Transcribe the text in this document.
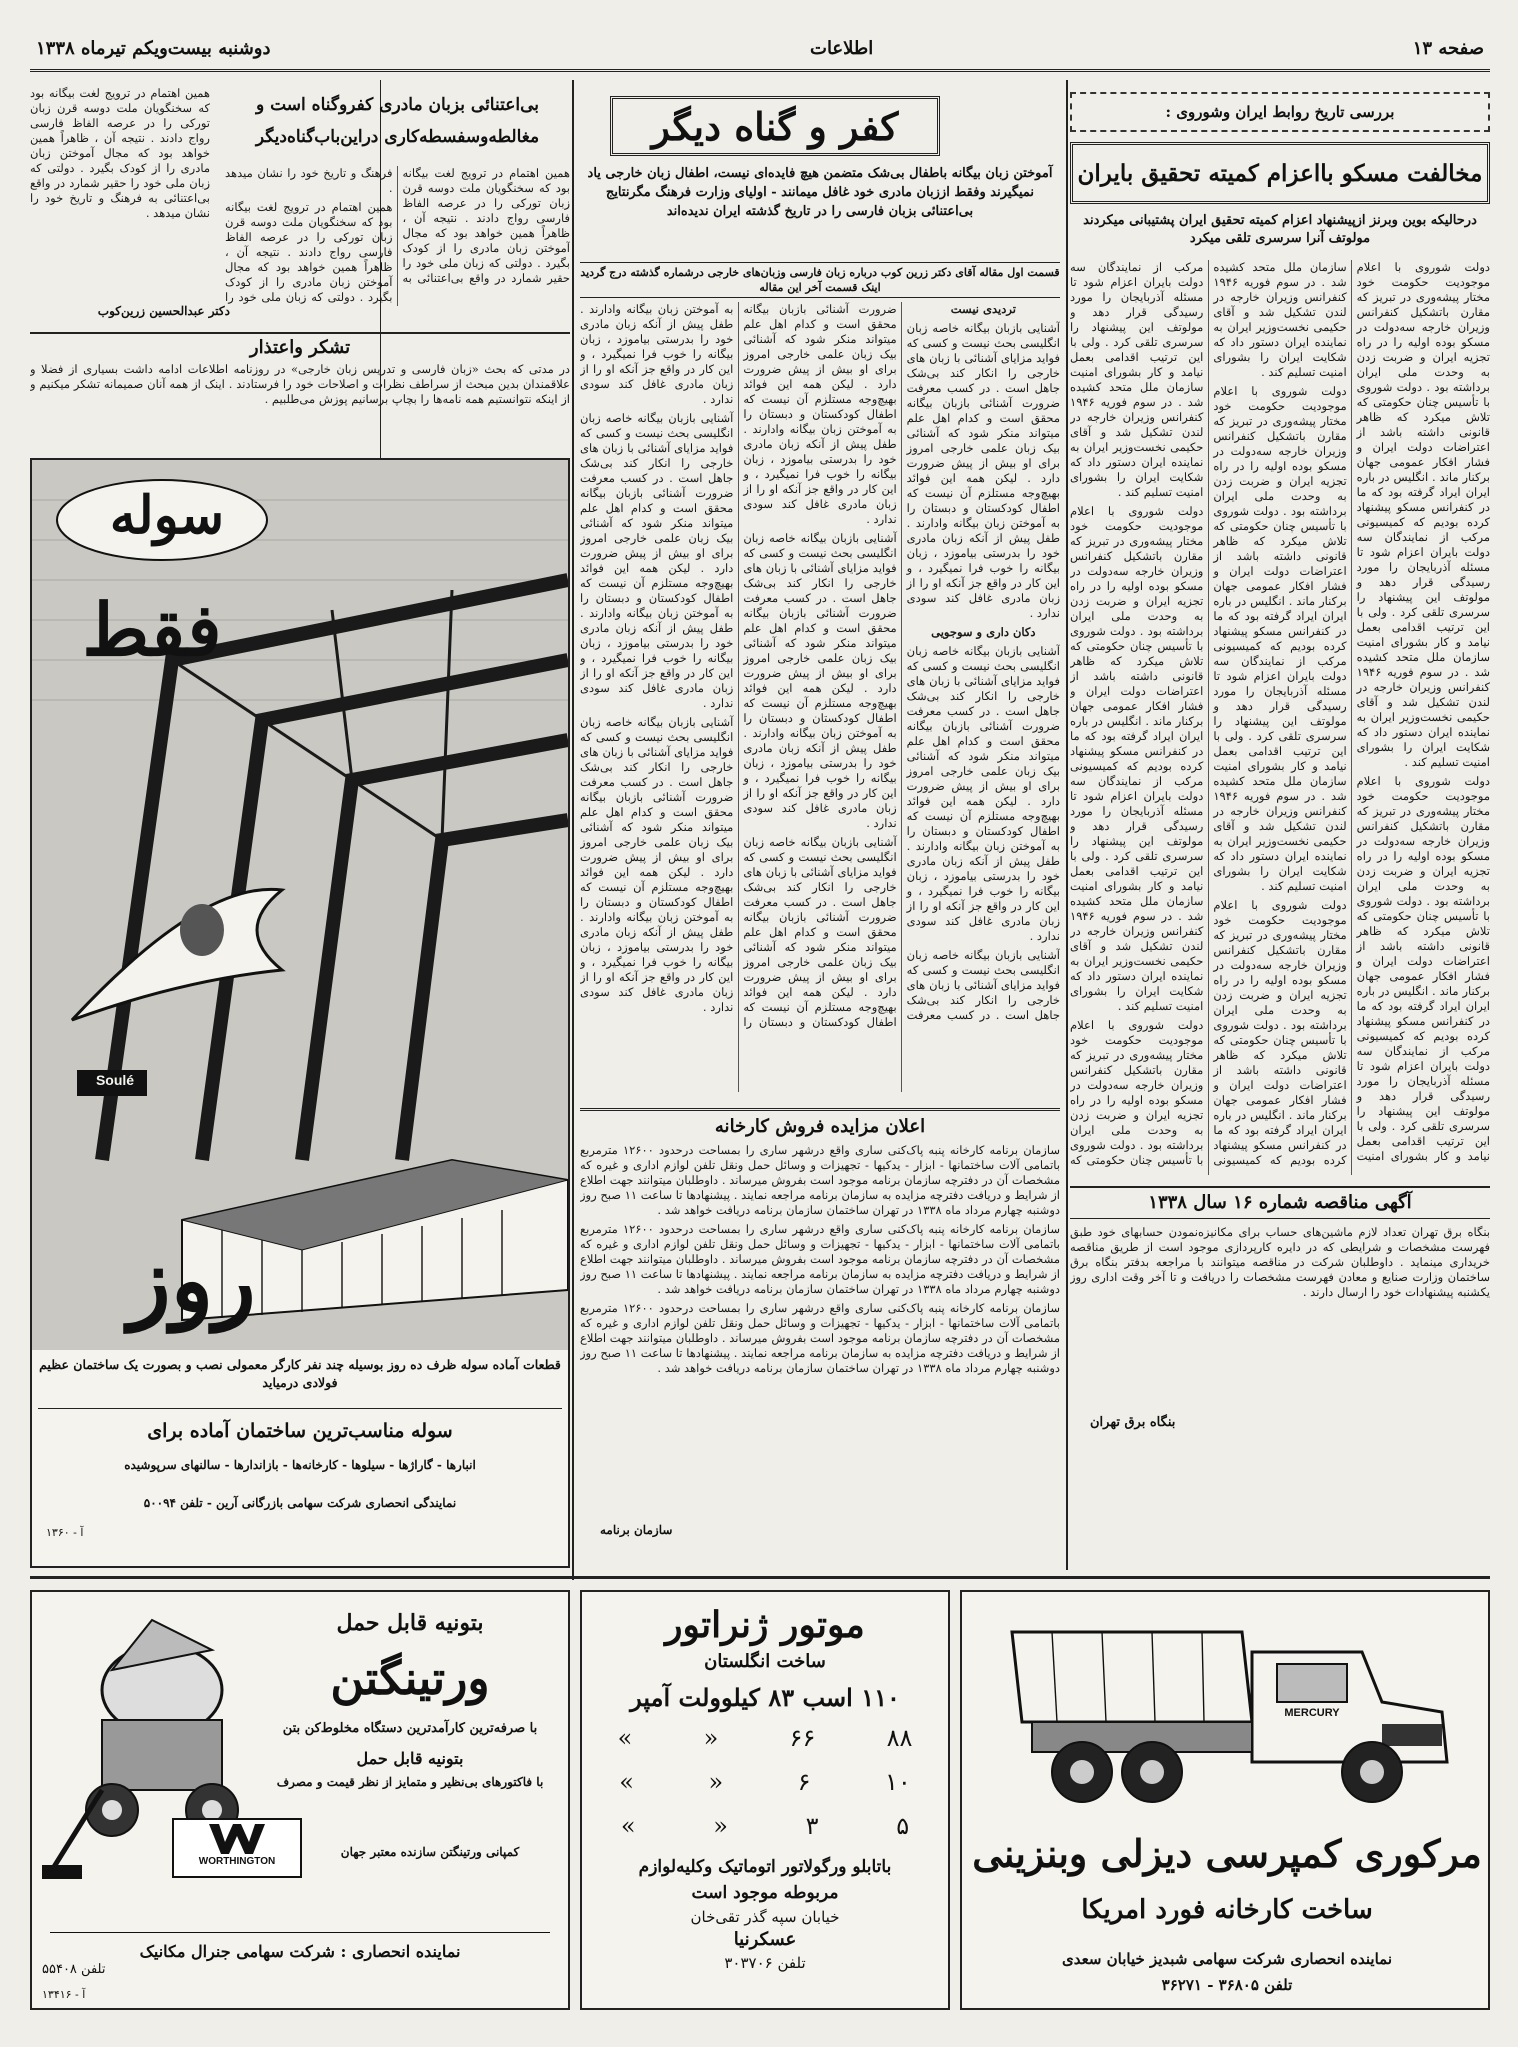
صفحه ۱۳
اطلاعات
دوشنبه بیست‌ویکم تیرماه ۱۳۳۸
بررسی تاریخ روابط ایران وشوروی :
مخالفت مسکو بااعزام کمیته تحقیق بایران
درحالیکه بوین وبرنز ازپیشنهاد اعزام کمیته تحقیق ایران پشتیبانی میکردند مولوتف آنرا سرسری تلقی میکرد

دولت شوروی با اعلام موجودیت حکومت خود مختار پیشه‌وری در تبریز که مقارن باتشکیل کنفرانس وزیران خارجه سه‌دولت در مسکو بوده اولیه را در راه تجزیه ایران و ضربت زدن به وحدت ملی ایران برداشته بود . دولت شوروی با تأسیس چنان حکومتی که تلاش میکرد که ظاهر قانونی داشته باشد از اعتراضات دولت ایران و فشار افکار عمومی جهان برکنار ماند . انگلیس در باره ایران ایراد گرفته بود که ما در کنفرانس مسکو پیشنهاد کرده بودیم که کمیسیونی مرکب از نمایندگان سه دولت بایران اعزام شود تا مسئله آذربایجان را مورد رسیدگی قرار دهد و مولوتف این پیشنهاد را سرسری تلقی کرد . ولی با این ترتیب اقدامی بعمل نیامد و کار بشورای امنیت سازمان ملل متحد کشیده شد . در سوم فوریه ۱۹۴۶ کنفرانس وزیران خارجه در لندن تشکیل شد و آقای حکیمی نخست‌وزیر ایران به نماینده ایران دستور داد که شکایت ایران را بشورای امنیت تسلیم کند .

دولت شوروی با اعلام موجودیت حکومت خود مختار پیشه‌وری در تبریز که مقارن باتشکیل کنفرانس وزیران خارجه سه‌دولت در مسکو بوده اولیه را در راه تجزیه ایران و ضربت زدن به وحدت ملی ایران برداشته بود . دولت شوروی با تأسیس چنان حکومتی که تلاش میکرد که ظاهر قانونی داشته باشد از اعتراضات دولت ایران و فشار افکار عمومی جهان برکنار ماند . انگلیس در باره ایران ایراد گرفته بود که ما در کنفرانس مسکو پیشنهاد کرده بودیم که کمیسیونی مرکب از نمایندگان سه دولت بایران اعزام شود تا مسئله آذربایجان را مورد رسیدگی قرار دهد و مولوتف این پیشنهاد را سرسری تلقی کرد . ولی با این ترتیب اقدامی بعمل نیامد و کار بشورای امنیت سازمان ملل متحد کشیده شد . در سوم فوریه ۱۹۴۶ کنفرانس وزیران خارجه در لندن تشکیل شد و آقای حکیمی نخست‌وزیر ایران به نماینده ایران دستور داد که شکایت ایران را بشورای امنیت تسلیم کند .

دولت شوروی با اعلام موجودیت حکومت خود مختار پیشه‌وری در تبریز که مقارن باتشکیل کنفرانس وزیران خارجه سه‌دولت در مسکو بوده اولیه را در راه تجزیه ایران و ضربت زدن به وحدت ملی ایران برداشته بود . دولت شوروی با تأسیس چنان حکومتی که تلاش میکرد که ظاهر قانونی داشته باشد از اعتراضات دولت ایران و فشار افکار عمومی جهان برکنار ماند . انگلیس در باره ایران ایراد گرفته بود که ما در کنفرانس مسکو پیشنهاد کرده بودیم که کمیسیونی مرکب از نمایندگان سه دولت بایران اعزام شود تا مسئله آذربایجان را مورد رسیدگی قرار دهد و مولوتف این پیشنهاد را سرسری تلقی کرد . ولی با این ترتیب اقدامی بعمل نیامد و کار بشورای امنیت سازمان ملل متحد کشیده شد . در سوم فوریه ۱۹۴۶ کنفرانس وزیران خارجه در لندن تشکیل شد و آقای حکیمی نخست‌وزیر ایران به نماینده ایران دستور داد که شکایت ایران را بشورای امنیت تسلیم کند .

دولت شوروی با اعلام موجودیت حکومت خود مختار پیشه‌وری در تبریز که مقارن باتشکیل کنفرانس وزیران خارجه سه‌دولت در مسکو بوده اولیه را در راه تجزیه ایران و ضربت زدن به وحدت ملی ایران برداشته بود . دولت شوروی با تأسیس چنان حکومتی که تلاش میکرد که ظاهر قانونی داشته باشد از اعتراضات دولت ایران و فشار افکار عمومی جهان برکنار ماند . انگلیس در باره ایران ایراد گرفته بود که ما در کنفرانس مسکو پیشنهاد کرده بودیم که کمیسیونی مرکب از نمایندگان سه دولت بایران اعزام شود تا مسئله آذربایجان را مورد رسیدگی قرار دهد و مولوتف این پیشنهاد را سرسری تلقی کرد . ولی با این ترتیب اقدامی بعمل نیامد و کار بشورای امنیت سازمان ملل متحد کشیده شد . در سوم فوریه ۱۹۴۶ کنفرانس وزیران خارجه در لندن تشکیل شد و آقای حکیمی نخست‌وزیر ایران به نماینده ایران دستور داد که شکایت ایران را بشورای امنیت تسلیم کند .

دولت شوروی با اعلام موجودیت حکومت خود مختار پیشه‌وری در تبریز که مقارن باتشکیل کنفرانس وزیران خارجه سه‌دولت در مسکو بوده اولیه را در راه تجزیه ایران و ضربت زدن به وحدت ملی ایران برداشته بود . دولت شوروی با تأسیس چنان حکومتی که تلاش میکرد که ظاهر قانونی داشته باشد از اعتراضات دولت ایران و فشار افکار عمومی جهان برکنار ماند . انگلیس در باره ایران ایراد گرفته بود که ما در کنفرانس مسکو پیشنهاد کرده بودیم که کمیسیونی مرکب از نمایندگان سه دولت بایران اعزام شود تا مسئله آذربایجان را مورد رسیدگی قرار دهد و مولوتف این پیشنهاد را سرسری تلقی کرد . ولی با این ترتیب اقدامی بعمل نیامد و کار بشورای امنیت سازمان ملل متحد کشیده شد . در سوم فوریه ۱۹۴۶ کنفرانس وزیران خارجه در لندن تشکیل شد و آقای حکیمی نخست‌وزیر ایران به نماینده ایران دستور داد که شکایت ایران را بشورای امنیت تسلیم کند .

دولت شوروی با اعلام موجودیت حکومت خود مختار پیشه‌وری در تبریز که مقارن باتشکیل کنفرانس وزیران خارجه سه‌دولت در مسکو بوده اولیه را در راه تجزیه ایران و ضربت زدن به وحدت ملی ایران برداشته بود . دولت شوروی با تأسیس چنان حکومتی که

آگهی مناقصه شماره ۱۶ سال ۱۳۳۸
بنگاه برق تهران تعداد لازم ماشین‌های حساب برای مکانیزه‌نمودن حسابهای خود طبق فهرست مشخصات و شرایطی که در دایره کارپردازی موجود است از طریق مناقصه خریداری مینماید . داوطلبان شرکت در مناقصه میتوانند با مراجعه بدفتر بنگاه برق ساختمان وزارت صنایع و معادن فهرست مشخصات را دریافت و تا آخر وقت اداری روز یکشنبه پیشنهادات خود را ارسال دارند .
بنگاه برق تهران
کفر و گناه دیگر
آموختن زبان بیگانه باطفال بی‌شک متضمن هیچ فایده‌ای نیست، اطفال زبان خارجی یاد نمیگیرند وفقط اززبان مادری خود غافل میمانند - اولیای وزارت فرهنگ مگرنتایج بی‌اعتنائی بزبان فارسی را در تاریخ گذشته ایران ندیده‌اند
قسمت اول مقاله آقای دکتر زرین کوب درباره زبان فارسی وزبان‌های خارجی درشماره گذشته درج گردید اینک قسمت آخر این مقاله

تردیدی نیست

آشنایی بازبان بیگانه خاصه زبان انگلیسی بحث نیست و کسی که فواید مزایای آشنائی با زبان های خارجی را انکار کند بی‌شک جاهل است . در کسب معرفت ضرورت آشنائی بازبان بیگانه محقق است و کدام اهل علم میتواند منکر شود که آشنائی بیک زبان علمی خارجی امروز برای او بیش از پیش ضرورت دارد . لیکن همه این فوائد بهیچ‌وجه مستلزم آن نیست که اطفال کودکستان و دبستان را به آموختن زبان بیگانه وادارند . طفل پیش از آنکه زبان مادری خود را بدرستی بیاموزد ، زبان بیگانه را خوب فرا نمیگیرد ، و این کار در واقع جز آنکه او را از زبان مادری غافل کند سودی ندارد .

دکان داری و سوجویی

آشنایی بازبان بیگانه خاصه زبان انگلیسی بحث نیست و کسی که فواید مزایای آشنائی با زبان های خارجی را انکار کند بی‌شک جاهل است . در کسب معرفت ضرورت آشنائی بازبان بیگانه محقق است و کدام اهل علم میتواند منکر شود که آشنائی بیک زبان علمی خارجی امروز برای او بیش از پیش ضرورت دارد . لیکن همه این فوائد بهیچ‌وجه مستلزم آن نیست که اطفال کودکستان و دبستان را به آموختن زبان بیگانه وادارند . طفل پیش از آنکه زبان مادری خود را بدرستی بیاموزد ، زبان بیگانه را خوب فرا نمیگیرد ، و این کار در واقع جز آنکه او را از زبان مادری غافل کند سودی ندارد .

آشنایی بازبان بیگانه خاصه زبان انگلیسی بحث نیست و کسی که فواید مزایای آشنائی با زبان های خارجی را انکار کند بی‌شک جاهل است . در کسب معرفت ضرورت آشنائی بازبان بیگانه محقق است و کدام اهل علم میتواند منکر شود که آشنائی بیک زبان علمی خارجی امروز برای او بیش از پیش ضرورت دارد . لیکن همه این فوائد بهیچ‌وجه مستلزم آن نیست که اطفال کودکستان و دبستان را به آموختن زبان بیگانه وادارند . طفل پیش از آنکه زبان مادری خود را بدرستی بیاموزد ، زبان بیگانه را خوب فرا نمیگیرد ، و این کار در واقع جز آنکه او را از زبان مادری غافل کند سودی ندارد .

آشنایی بازبان بیگانه خاصه زبان انگلیسی بحث نیست و کسی که فواید مزایای آشنائی با زبان های خارجی را انکار کند بی‌شک جاهل است . در کسب معرفت ضرورت آشنائی بازبان بیگانه محقق است و کدام اهل علم میتواند منکر شود که آشنائی بیک زبان علمی خارجی امروز برای او بیش از پیش ضرورت دارد . لیکن همه این فوائد بهیچ‌وجه مستلزم آن نیست که اطفال کودکستان و دبستان را به آموختن زبان بیگانه وادارند . طفل پیش از آنکه زبان مادری خود را بدرستی بیاموزد ، زبان بیگانه را خوب فرا نمیگیرد ، و این کار در واقع جز آنکه او را از زبان مادری غافل کند سودی ندارد .

آشنایی بازبان بیگانه خاصه زبان انگلیسی بحث نیست و کسی که فواید مزایای آشنائی با زبان های خارجی را انکار کند بی‌شک جاهل است . در کسب معرفت ضرورت آشنائی بازبان بیگانه محقق است و کدام اهل علم میتواند منکر شود که آشنائی بیک زبان علمی خارجی امروز برای او بیش از پیش ضرورت دارد . لیکن همه این فوائد بهیچ‌وجه مستلزم آن نیست که اطفال کودکستان و دبستان را به آموختن زبان بیگانه وادارند . طفل پیش از آنکه زبان مادری خود را بدرستی بیاموزد ، زبان بیگانه را خوب فرا نمیگیرد ، و این کار در واقع جز آنکه او را از زبان مادری غافل کند سودی ندارد .

آشنایی بازبان بیگانه خاصه زبان انگلیسی بحث نیست و کسی که فواید مزایای آشنائی با زبان های خارجی را انکار کند بی‌شک جاهل است . در کسب معرفت ضرورت آشنائی بازبان بیگانه محقق است و کدام اهل علم میتواند منکر شود که آشنائی بیک زبان علمی خارجی امروز برای او بیش از پیش ضرورت دارد . لیکن همه این فوائد بهیچ‌وجه مستلزم آن نیست که اطفال کودکستان و دبستان را به آموختن زبان بیگانه وادارند . طفل پیش از آنکه زبان مادری خود را بدرستی بیاموزد ، زبان بیگانه را خوب فرا نمیگیرد ، و این کار در واقع جز آنکه او را از زبان مادری غافل کند سودی ندارد .

آشنایی بازبان بیگانه خاصه زبان انگلیسی بحث نیست و کسی که فواید مزایای آشنائی با زبان های خارجی را انکار کند بی‌شک جاهل است . در کسب معرفت ضرورت آشنائی بازبان بیگانه محقق است و کدام اهل علم میتواند منکر شود که آشنائی بیک زبان علمی خارجی امروز برای او بیش از پیش ضرورت دارد . لیکن همه این فوائد بهیچ‌وجه مستلزم آن نیست که اطفال کودکستان و دبستان را به آموختن زبان بیگانه وادارند . طفل پیش از آنکه زبان مادری خود را بدرستی بیاموزد ، زبان بیگانه را خوب فرا نمیگیرد ، و این کار در واقع جز آنکه او را از زبان مادری غافل کند سودی ندارد .

اعلان مزایده فروش کارخانه

سازمان برنامه کارخانه پنبه پاک‌کنی ساری واقع درشهر ساری را بمساحت درحدود ۱۲۶۰۰ مترمربع باتمامی آلات ساختمانها - ابزار - یدکیها - تجهیزات و وسائل حمل ونقل تلفن لوازم اداری و غیره که مشخصات آن در دفترچه سازمان برنامه موجود است بفروش میرساند . داوطلبان میتوانند جهت اطلاع از شرایط و دریافت دفترچه مزایده به سازمان برنامه مراجعه نمایند . پیشنهادها تا ساعت ۱۱ صبح روز دوشنبه چهارم مرداد ماه ۱۳۳۸ در تهران ساختمان سازمان برنامه دریافت خواهد شد .

سازمان برنامه کارخانه پنبه پاک‌کنی ساری واقع درشهر ساری را بمساحت درحدود ۱۲۶۰۰ مترمربع باتمامی آلات ساختمانها - ابزار - یدکیها - تجهیزات و وسائل حمل ونقل تلفن لوازم اداری و غیره که مشخصات آن در دفترچه سازمان برنامه موجود است بفروش میرساند . داوطلبان میتوانند جهت اطلاع از شرایط و دریافت دفترچه مزایده به سازمان برنامه مراجعه نمایند . پیشنهادها تا ساعت ۱۱ صبح روز دوشنبه چهارم مرداد ماه ۱۳۳۸ در تهران ساختمان سازمان برنامه دریافت خواهد شد .

سازمان برنامه کارخانه پنبه پاک‌کنی ساری واقع درشهر ساری را بمساحت درحدود ۱۲۶۰۰ مترمربع باتمامی آلات ساختمانها - ابزار - یدکیها - تجهیزات و وسائل حمل ونقل تلفن لوازم اداری و غیره که مشخصات آن در دفترچه سازمان برنامه موجود است بفروش میرساند . داوطلبان میتوانند جهت اطلاع از شرایط و دریافت دفترچه مزایده به سازمان برنامه مراجعه نمایند . پیشنهادها تا ساعت ۱۱ صبح روز دوشنبه چهارم مرداد ماه ۱۳۳۸ در تهران ساختمان سازمان برنامه دریافت خواهد شد .

سازمان برنامه
بی‌اعتنائی بزبان مادری کفروگناه است و
مغالطه‌وسفسطه‌کاری دراین‌باب‌گناه‌دیگر
همین اهتمام در ترویج لغت بیگانه بود که سخنگویان ملت دوسه قرن زبان تورکی را در عرصه الفاظ فارسی رواج دادند . نتیجه آن ، ظاهراً همین خواهد بود که مجال آموختن زبان مادری را از کودک بگیرد . دولتی که زبان ملی خود را حقیر شمارد در واقع بی‌اعتنائی به فرهنگ و تاریخ خود را نشان میدهد .

همین اهتمام در ترویج لغت بیگانه بود که سخنگویان ملت دوسه قرن زبان تورکی را در عرصه الفاظ فارسی رواج دادند . نتیجه آن ، ظاهراً همین خواهد بود که مجال آموختن زبان مادری را از کودک بگیرد . دولتی که زبان ملی خود را حقیر شمارد در واقع بی‌اعتنائی به فرهنگ و تاریخ خود را نشان میدهد .

همین اهتمام در ترویج لغت بیگانه بود که سخنگویان ملت دوسه قرن زبان تورکی را در عرصه الفاظ فارسی رواج دادند . نتیجه آن ، ظاهراً همین خواهد بود که مجال آموختن زبان مادری را از کودک بگیرد . دولتی که زبان ملی خود را

دکتر عبدالحسین زرین‌کوب
تشکر واعتذار
در مدتی که بحث «زبان فارسی و تدریس زبان خارجی» در روزنامه اطلاعات ادامه داشت بسیاری از فضلا و علاقمندان بدین مبحث از سراطف نظرات و اصلاحات خود را فرستادند . اینک از همه آنان صمیمانه تشکر میکنیم و از اینکه نتوانستیم همه نامه‌ها را بچاپ برسانیم پوزش می‌طلبیم .
سوله
فقط
Soulé
روز
قطعات آماده سوله ظرف ده روز بوسیله چند نفر کارگر معمولی نصب و بصورت یک ساختمان عظیم فولادی درمیاید
سوله مناسب‌ترین ساختمان آماده برای
انبارها - گاراژها - سیلوها - کارخانه‌ها - بازاندارها - سالنهای سرپوشیده
نمایندگی انحصاری شرکت سهامی بازرگانی آرین - تلفن ۵۰۰۹۴
آ - ۱۳۶۰
بتونیه قابل حمل
ورتینگتن
با صرفه‌ترین کارآمدترین دستگاه مخلوط‌کن بتن
بتونیه قابل حمل
با فاکتورهای بی‌نظیر و متمایز از نظر قیمت و مصرف
WORTHINGTON
کمپانی ورتینگتن سازنده معتبر جهان
نماینده انحصاری : شرکت سهامی جنرال مکانیک
تلفن ۵۵۴۰۸
آ - ۱۳۴۱۶
موتور ژنراتور
ساخت انگلستان
۱۱۰ اسب ۸۳ کیلوولت آمپر
۸۸
۶۶
«
»
۱۰
۶
«
»
۵
۳
«
»
باتابلو ورگولاتور اتوماتیک وکلیه‌لوازم
مربوطه موجود است
خیابان سپه گذر تقی‌خان
عسکرنیا
تلفن ۳۰۳۷۰۶
MERCURY
مرکوری کمپرسی دیزلی وبنزینی
ساخت کارخانه فورد امریکا
نماینده انحصاری شرکت سهامی شبدیز خیابان سعدی
تلفن ۳۶۸۰۵ - ۳۶۲۷۱
